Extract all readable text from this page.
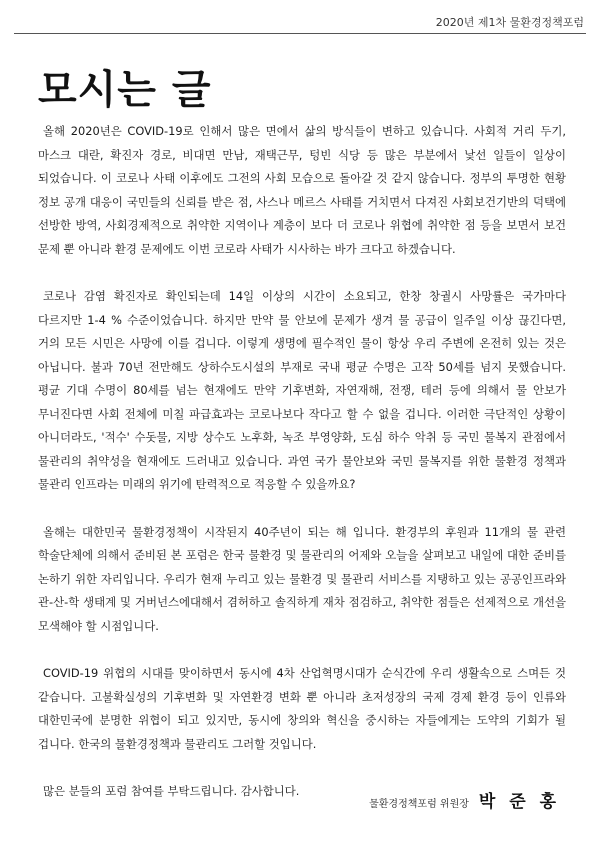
2020년 제1차 물환경정책포럼
모시는 글

올해 2020년은 COVID-19로 인해서 많은 면에서 삶의 방식들이 변하고 있습니다. 사회적 거리 두기, 마스크 대란, 확진자 경로, 비대면 만남, 재택근무, 텅빈 식당 등 많은 부분에서 낯선 일들이 일상이 되었습니다. 이 코로나 사태 이후에도 그전의 사회 모습으로 돌아갈 것 같지 않습니다. 정부의 투명한 현황 정보 공개 대응이 국민들의 신뢰를 받은 점, 사스나 메르스 사태를 거치면서 다져진 사회보건기반의 덕택에 선방한 방역, 사회경제적으로 취약한 지역이나 계층이 보다 더 코로나 위협에 취약한 점 등을 보면서 보건 문제 뿐 아니라 환경 문제에도 이번 코로라 사태가 시사하는 바가 크다고 하겠습니다.

코로나 감염 확진자로 확인되는데 14일 이상의 시간이 소요되고, 한창 창궐시 사망률은 국가마다 다르지만 1-4 % 수준이었습니다. 하지만 만약 물 안보에 문제가 생겨 물 공급이 일주일 이상 끊긴다면, 거의 모든 시민은 사망에 이를 겁니다. 이렇게 생명에 필수적인 물이 항상 우리 주변에 온전히 있는 것은 아닙니다. 불과 70년 전만해도 상하수도시설의 부재로 국내 평균 수명은 고작 50세를 넘지 못했습니다. 평균 기대 수명이 80세를 넘는 현재에도 만약 기후변화, 자연재해, 전쟁, 테러 등에 의해서 물 안보가 무너진다면 사회 전체에 미칠 파급효과는 코로나보다 작다고 할 수 없을 겁니다. 이러한 극단적인 상황이 아니더라도, '적수' 수돗물, 지방 상수도 노후화, 녹조 부영양화, 도심 하수 악취 등 국민 물복지 관점에서 물관리의 취약성을 현재에도 드러내고 있습니다. 과연 국가 물안보와 국민 물복지를 위한 물환경 정책과 물관리 인프라는 미래의 위기에 탄력적으로 적응할 수 있을까요?

올해는 대한민국 물환경정책이 시작된지 40주년이 되는 해 입니다. 환경부의 후원과 11개의 물 관련 학술단체에 의해서 준비된 본 포럼은 한국 물환경 및 물관리의 어제와 오늘을 살펴보고 내일에 대한 준비를 논하기 위한 자리입니다. 우리가 현재 누리고 있는 물환경 및 물관리 서비스를 지탱하고 있는 공공인프라와 관-산-학 생태계 및 거버넌스에대해서 겸허하고 솔직하게 재차 점검하고, 취약한 점들은 선제적으로 개선을 모색해야 할 시점입니다.

COVID-19 위협의 시대를 맞이하면서 동시에 4차 산업혁명시대가 순식간에 우리 생활속으로 스며든 것 같습니다. 고불확실성의 기후변화 및 자연환경 변화 뿐 아니라 초저성장의 국제 경제 환경 등이 인류와 대한민국에 분명한 위협이 되고 있지만, 동시에 창의와 혁신을 중시하는 자들에게는 도약의 기회가 될 겁니다. 한국의 물환경정책과 물관리도 그러할 것입니다.

많은 분들의 포럼 참여를 부탁드립니다. 감사합니다.

물환경정책포럼 위원장 박 준 홍
